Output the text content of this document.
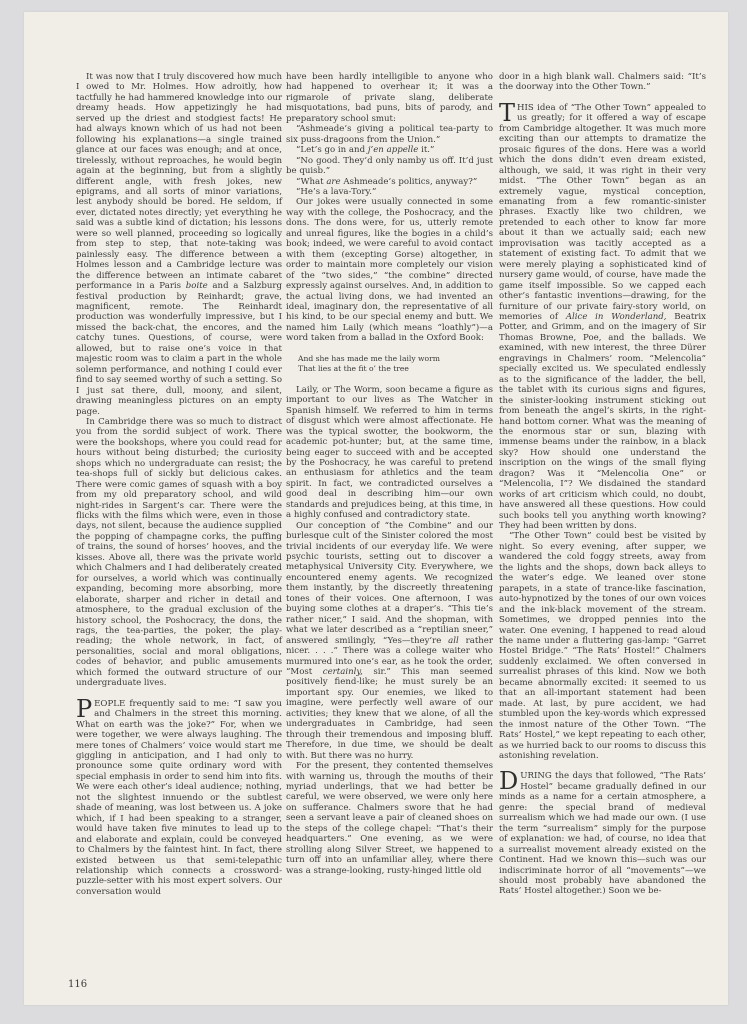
It was now that I truly discovered how much I owed to Mr. Holmes. How adroitly, how tactfully he had hammered knowledge into our dreamy heads. How appetizingly he had served up the driest and stodgiest facts! He had always known which of us had not been following his explanations—a single trained glance at our faces was enough; and at once, tirelessly, without reproaches, he would begin again at the beginning, but from a slightly different angle, with fresh jokes, new epigrams, and all sorts of minor variations, lest anybody should be bored. He seldom, if ever, dictated notes directly; yet everything he said was a subtle kind of dictation; his lessons were so well planned, proceeding so logically from step to step, that note-taking was painlessly easy. The difference between a Holmes lesson and a Cambridge lecture was the difference between an intimate cabaret performance in a Paris boite and a Salzburg festival production by Reinhardt; grave, magnificent, remote. The Reinhardt production was wonderfully impressive, but I missed the back-chat, the encores, and the catchy tunes. Questions, of course, were allowed, but to raise one’s voice in that majestic room was to claim a part in the whole solemn performance, and nothing I could ever find to say seemed worthy of such a setting. So I just sat there, dull, moony, and silent, drawing meaningless pictures on an empty page.

In Cambridge there was so much to distract you from the sordid subject of work. There were the bookshops, where you could read for hours without being disturbed; the curiosity shops which no undergraduate can resist; the tea-shops full of sickly but delicious cakes. There were comic games of squash with a boy from my old preparatory school, and wild night-rides in Sargent’s car. There were the flicks with the films which were, even in those days, not silent, because the audience supplied the popping of champagne corks, the puffing of trains, the sound of horses’ hooves, and the kisses. Above all, there was the private world which Chalmers and I had deliberately created for ourselves, a world which was continually expanding, becoming more absorbing, more elaborate, sharper and richer in detail and atmosphere, to the gradual exclusion of the history school, the Poshocracy, the dons, the rags, the tea-parties, the poker, the play-reading; the whole network, in fact, of personalities, social and moral obligations, codes of behavior, and public amusements which formed the outward structure of our undergraduate lives.

PEOPLE frequently said to me: “I saw you and Chalmers in the street this morning. What on earth was the joke?” For, when we were together, we were always laughing. The mere tones of Chalmers’ voice would start me giggling in anticipation, and I had only to pronounce some quite ordinary word with special emphasis in order to send him into fits. We were each other’s ideal audience; nothing, not the slightest innuendo or the subtlest shade of meaning, was lost between us. A joke which, if I had been speaking to a stranger, would have taken five minutes to lead up to and elaborate and explain, could be conveyed to Chalmers by the faintest hint. In fact, there existed between us that semi-telepathic relationship which connects a crossword-puzzle-setter with his most expert solvers. Our conversation would

have been hardly intelligible to anyone who had happened to overhear it; it was a rigmarole of private slang, deliberate misquotations, bad puns, bits of parody, and preparatory school smut:

“Ashmeade’s giving a political tea-party to six puss-dragoons from the Union.”

“Let’s go in and j’en appelle it.”

“No good. They’d only namby us off. It’d just be quisb.”

“What are Ashmeade’s politics, anyway?”

“He’s a lava-Tory.”

Our jokes were usually connected in some way with the college, the Poshocracy, and the dons. The dons were, for us, utterly remote and unreal figures, like the bogies in a child’s book; indeed, we were careful to avoid contact with them (excepting Gorse) altogether, in order to maintain more completely our vision of the “two sides,” “the combine” directed expressly against ourselves. And, in addition to the actual living dons, we had invented an ideal, imaginary don, the representative of all his kind, to be our special enemy and butt. We named him Laily (which means “loathly”)—a word taken from a ballad in the Oxford Book:

And she has made me the laily worm
That lies at the fit o’ the tree

Laily, or The Worm, soon became a figure as important to our lives as The Watcher in Spanish himself. We referred to him in terms of disgust which were almost affectionate. He was the typical swotter, the bookworm, the academic pot-hunter; but, at the same time, being eager to succeed with and be accepted by the Poshocracy, he was careful to pretend an enthusiasm for athletics and the team spirit. In fact, we contradicted ourselves a good deal in describing him—our own standards and prejudices being, at this time, in a highly confused and contradictory state.

Our conception of “the Combine” and our burlesque cult of the Sinister colored the most trivial incidents of our everyday life. We were psychic tourists, setting out to discover a metaphysical University City. Everywhere, we encountered enemy agents. We recognized them instantly, by the discreetly threatening tones of their voices. One afternoon, I was buying some clothes at a draper’s. “This tie’s rather nicer,” I said. And the shopman, with what we later described as a “reptilian sneer,” answered smilingly, “Yes—they’re all rather nicer. . . .” There was a college waiter who murmured into one’s ear, as he took the order, “Most certainly, sir.” This man seemed positively fiend-like; he must surely be an important spy. Our enemies, we liked to imagine, were perfectly well aware of our activities; they knew that we alone, of all the undergraduates in Cambridge, had seen through their tremendous and imposing bluff. Therefore, in due time, we should be dealt with. But there was no hurry.

For the present, they contented themselves with warning us, through the mouths of their myriad underlings, that we had better be careful, we were observed, we were only here on sufferance. Chalmers swore that he had seen a servant leave a pair of cleaned shoes on the steps of the college chapel: “That’s their headquarters.” One evening, as we were strolling along Silver Street, we happened to turn off into an unfamiliar alley, where there was a strange-looking, rusty-hinged little old

door in a high blank wall. Chalmers said: “It’s the doorway into the Other Town.”

THIS idea of “The Other Town” appealed to us greatly; for it offered a way of escape from Cambridge altogether. It was much more exciting than our attempts to dramatize the prosaic figures of the dons. Here was a world which the dons didn’t even dream existed, although, we said, it was right in their very midst. “The Other Town” began as an extremely vague, mystical conception, emanating from a few romantic-sinister phrases. Exactly like two children, we pretended to each other to know far more about it than we actually said; each new improvisation was tacitly accepted as a statement of existing fact. To admit that we were merely playing a sophisticated kind of nursery game would, of course, have made the game itself impossible. So we capped each other’s fantastic inventions—drawing, for the furniture of our private fairy-story world, on memories of Alice in Wonderland, Beatrix Potter, and Grimm, and on the imagery of Sir Thomas Browne, Poe, and the ballads. We examined, with new interest, the three Dürer engravings in Chalmers’ room. “Melencolia” specially excited us. We speculated endlessly as to the significance of the ladder, the bell, the tablet with its curious signs and figures, the sinister-looking instrument sticking out from beneath the angel’s skirts, in the right-hand bottom corner. What was the meaning of the enormous star or sun, blazing with immense beams under the rainbow, in a black sky? How should one understand the inscription on the wings of the small flying dragon? Was it “Melencolia One” or “Melencolia, I”? We disdained the standard works of art criticism which could, no doubt, have answered all these questions. How could such books tell you anything worth knowing? They had been written by dons.

“The Other Town” could best be visited by night. So every evening, after supper, we wandered the cold foggy streets, away from the lights and the shops, down back alleys to the water’s edge. We leaned over stone parapets, in a state of trance-like fascination, auto-hypnotized by the tones of our own voices and the ink-black movement of the stream. Sometimes, we dropped pennies into the water. One evening, I happened to read aloud the name under a fluttering gas-lamp: “Garret Hostel Bridge.” “The Rats’ Hostel!” Chalmers suddenly exclaimed. We often conversed in surrealist phrases of this kind. Now we both became abnormally excited: it seemed to us that an all-important statement had been made. At last, by pure accident, we had stumbled upon the key-words which expressed the inmost nature of the Other Town. “The Rats’ Hostel,” we kept repeating to each other, as we hurried back to our rooms to discuss this astonishing revelation.

DURING the days that followed, “The Rats’ Hostel” became gradually defined in our minds as a name for a certain atmosphere, a genre: the special brand of medieval surrealism which we had made our own. (I use the term “surrealism” simply for the purpose of explanation: we had, of course, no idea that a surrealist movement already existed on the Continent. Had we known this—such was our indiscriminate horror of all “movements”—we should most probably have abandoned the Rats’ Hostel altogether.) Soon we be-

116
